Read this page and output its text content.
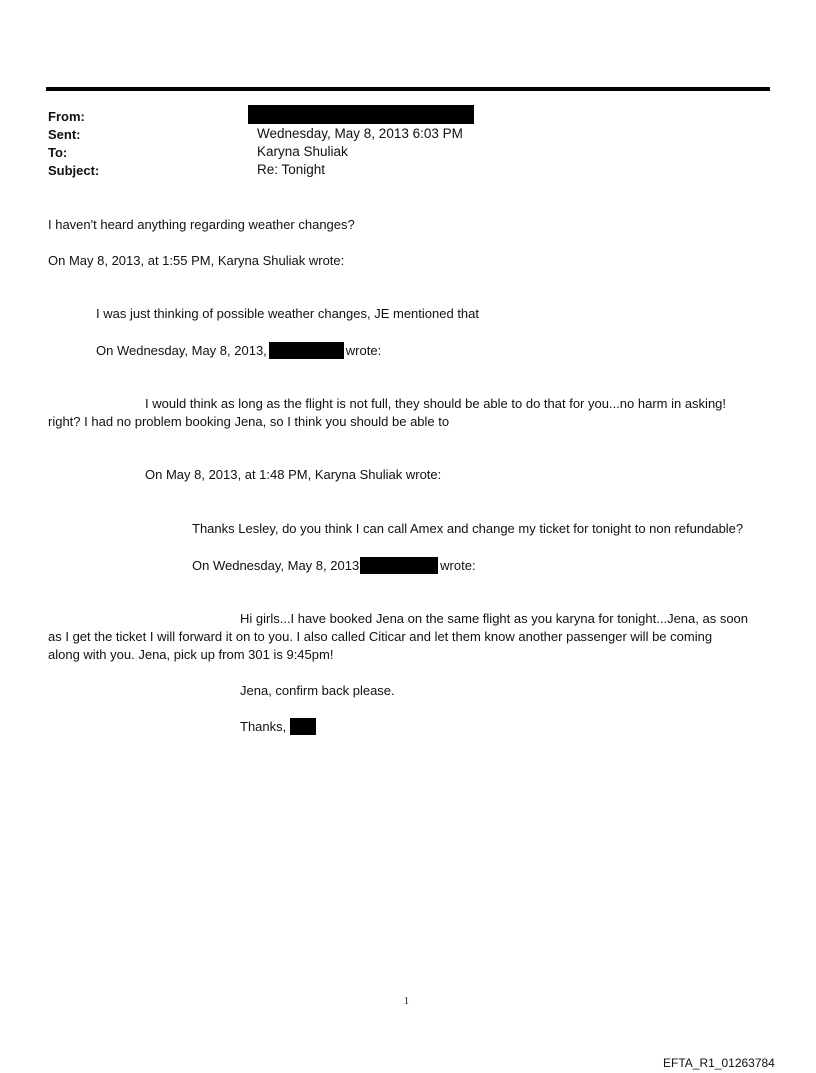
From:
Sent:	Wednesday, May 8, 2013 6:03 PM
To:	Karyna Shuliak
Subject:	Re: Tonight
I haven't heard anything regarding weather changes?
On May 8, 2013, at 1:55 PM, Karyna Shuliak wrote:
I was just thinking of possible weather changes, JE mentioned that
On Wednesday, May 8, 2013,	wrote:
I would think as long as the flight is not full, they should be able to do that for you...no harm in asking!
right? I had no problem booking Jena, so I think you should be able to
On May 8, 2013, at 1:48 PM, Karyna Shuliak wrote:
Thanks Lesley, do you think I can call Amex and change my ticket for tonight to non refundable?
On Wednesday, May 8, 2013	wrote:
Hi girls...I have booked Jena on the same flight as you karyna for tonight...Jena, as soon
as I get the ticket I will forward it on to you. I also called Citicar and let them know another passenger will be coming
along with you. Jena, pick up from 301 is 9:45pm!
Jena, confirm back please.
Thanks,
1
EFTA_R1_01263784
